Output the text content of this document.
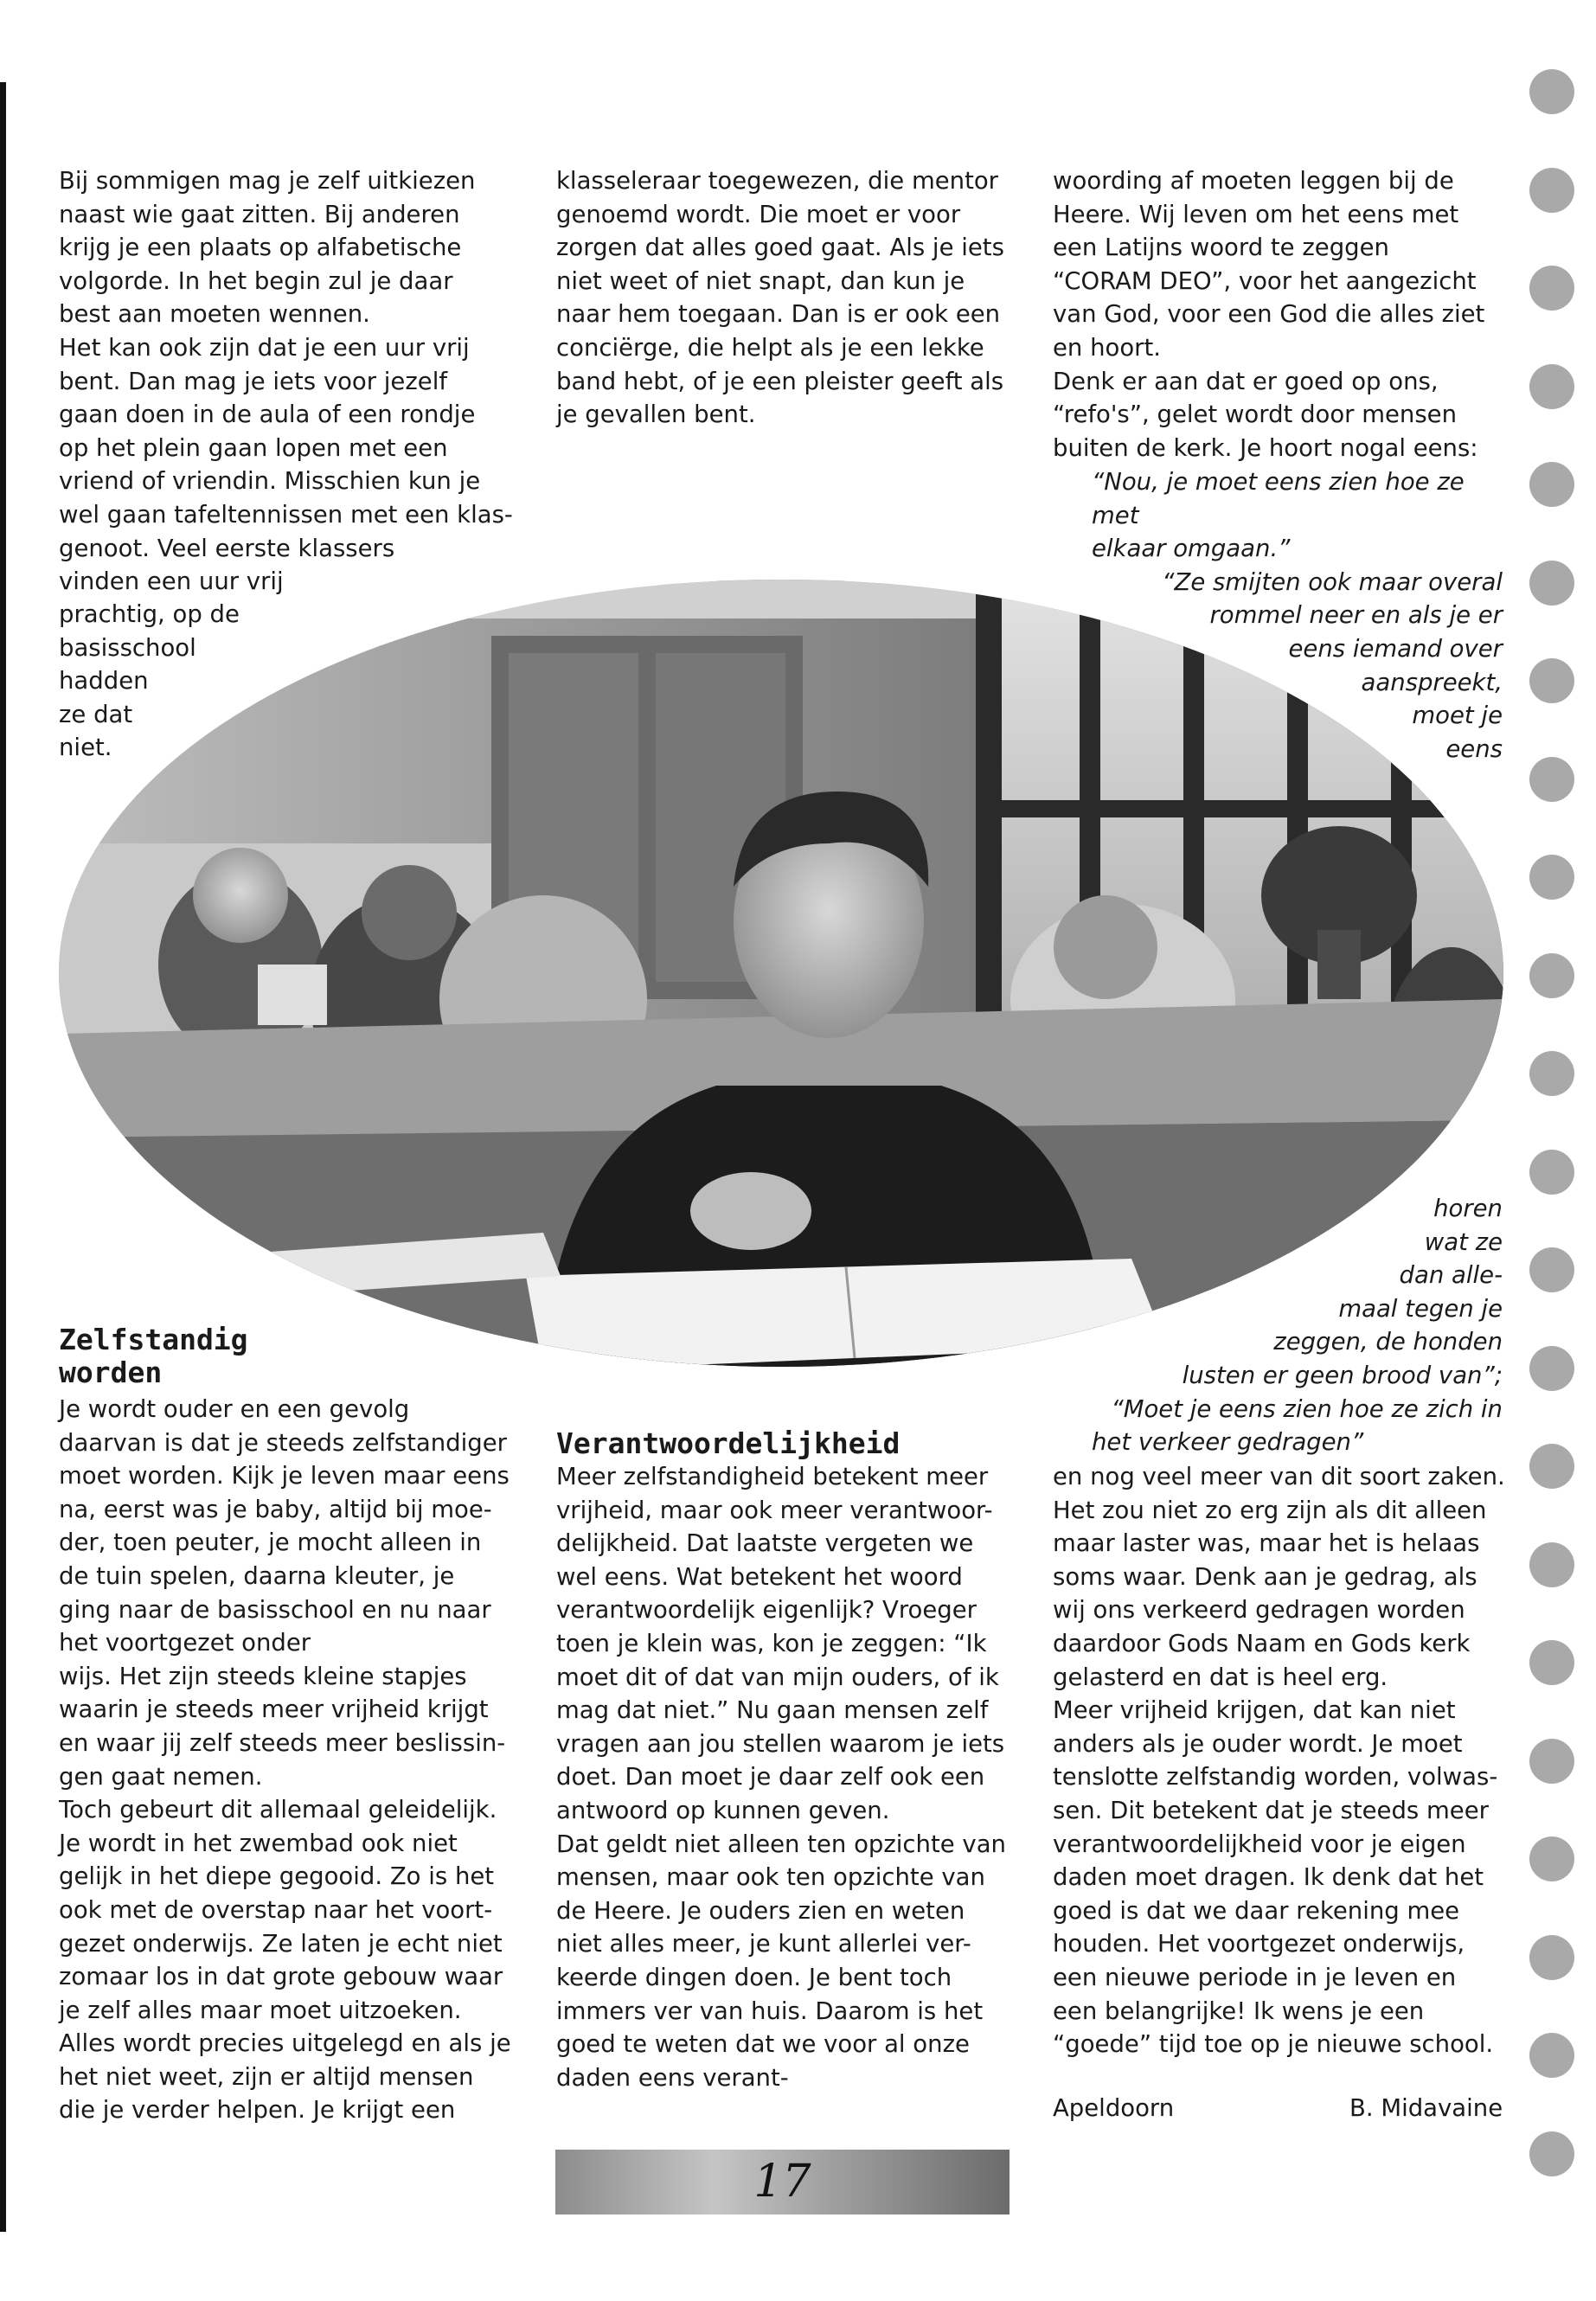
Bij sommigen mag je zelf uitkiezen

naast wie gaat zitten. Bij anderen

krijg je een plaats op alfabetische

volgorde. In het begin zul je daar

best aan moeten wennen.

Het kan ook zijn dat je een uur vrij

bent. Dan mag je iets voor jezelf

gaan doen in de aula of een rondje

op het plein gaan lopen met een

vriend of vriendin. Misschien kun je

wel gaan tafeltennissen met een klas-

genoot. Veel eerste klassers

vinden een uur vrij
prachtig, op de
basisschool
hadden
ze dat
niet.

klasseleraar toegewezen, die mentor

genoemd wordt. Die moet er voor

zorgen dat alles goed gaat. Als je iets

niet weet of niet snapt, dan kun je

naar hem toegaan. Dan is er ook een

conciërge, die helpt als je een lekke

band hebt, of je een pleister geeft als

je gevallen bent.

woording af moeten leggen bij de

Heere. Wij leven om het eens met

een Latijns woord te zeggen

“CORAM DEO”, voor het aangezicht

van God, voor een God die alles ziet

en hoort.

Denk er aan dat er goed op ons,

“refo's”, gelet wordt door mensen

buiten de kerk. Je hoort nogal eens:

“Nou, je moet eens zien hoe ze met

elkaar omgaan.”

“Ze smijten ook maar overal

rommel neer en als je er

eens iemand over

aanspreekt,

moet je

eens

horen

wat ze

dan alle-

maal tegen je

zeggen, de honden

lusten er geen brood van”;

“Moet je eens zien hoe ze zich in

het verkeer gedragen”

Zelfstandig

worden

Je wordt ouder en een gevolg

daarvan is dat je steeds zelfstandiger

moet worden. Kijk je leven maar eens

na, eerst was je baby, altijd bij moe-

der, toen peuter, je mocht alleen in

de tuin spelen, daarna kleuter, je

ging naar de basisschool en nu naar

het voortgezet onder

wijs. Het zijn steeds kleine stapjes

waarin je steeds meer vrijheid krijgt

en waar jij zelf steeds meer beslissin-

gen gaat nemen.

Toch gebeurt dit allemaal geleidelijk.

Je wordt in het zwembad ook niet

gelijk in het diepe gegooid. Zo is het

ook met de overstap naar het voort-

gezet onderwijs. Ze laten je echt niet

zomaar los in dat grote gebouw waar

je zelf alles maar moet uitzoeken.

Alles wordt precies uitgelegd en als je

het niet weet, zijn er altijd mensen

die je verder helpen. Je krijgt een

Verantwoordelijkheid

Meer zelfstandigheid betekent meer

vrijheid, maar ook meer verantwoor-

delijkheid. Dat laatste vergeten we

wel eens. Wat betekent het woord

verantwoordelijk eigenlijk? Vroeger

toen je klein was, kon je zeggen: “Ik

moet dit of dat van mijn ouders, of ik

mag dat niet.” Nu gaan mensen zelf

vragen aan jou stellen waarom je iets

doet. Dan moet je daar zelf ook een

antwoord op kunnen geven.

Dat geldt niet alleen ten opzichte van

mensen, maar ook ten opzichte van

de Heere. Je ouders zien en weten

niet alles meer, je kunt allerlei ver-

keerde dingen doen. Je bent toch

immers ver van huis. Daarom is het

goed te weten dat we voor al onze

daden eens verant-

en nog veel meer van dit soort zaken.

Het zou niet zo erg zijn als dit alleen

maar laster was, maar het is helaas

soms waar. Denk aan je gedrag, als

wij ons verkeerd gedragen worden

daardoor Gods Naam en Gods kerk

gelasterd en dat is heel erg.

Meer vrijheid krijgen, dat kan niet

anders als je ouder wordt. Je moet

tenslotte zelfstandig worden, volwas-

sen. Dit betekent dat je steeds meer

verantwoordelijkheid voor je eigen

daden moet dragen. Ik denk dat het

goed is dat we daar rekening mee

houden. Het voortgezet onderwijs,

een nieuwe periode in je leven en

een belangrijke! Ik wens je een

“goede” tijd toe op je nieuwe school.

Apeldoorn	B. Midavaine
17
